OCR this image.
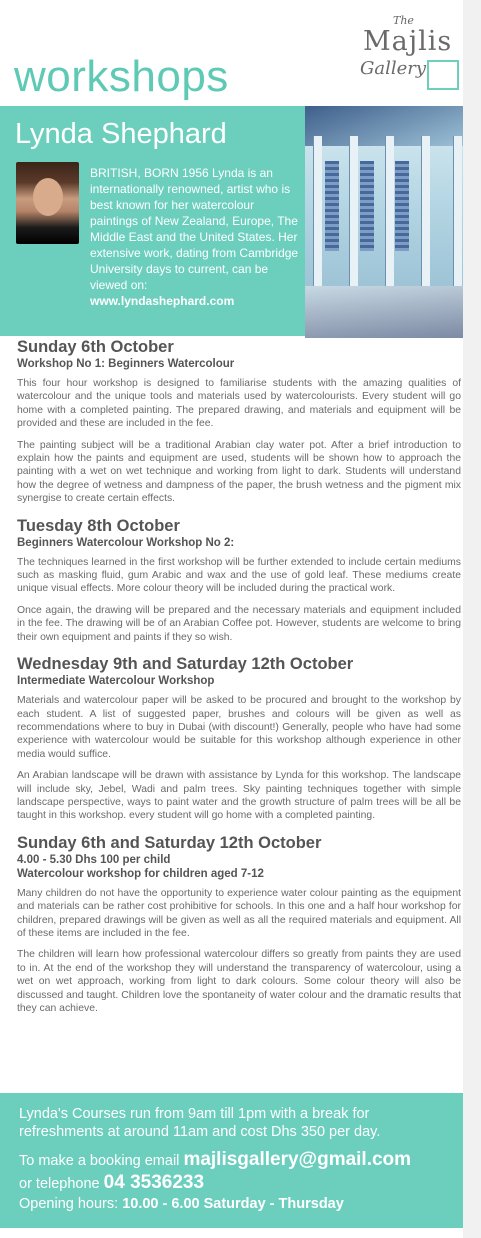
The
Majlis
Gallery
workshops
Lynda Shephard

BRITISH, BORN 1956 Lynda is an internationally renowned, artist who is best known for her watercolour paintings of New Zealand, Europe, The Middle East and the United States. Her extensive work, dating from Cambridge University days to current, can be viewed on:
www.lyndashephard.com

Sunday 6th October

Workshop No 1: Beginners Watercolour

This four hour workshop is designed to familiarise students with the amazing qualities of watercolour and the unique tools and materials used by watercolourists. Every student will go home with a completed painting. The prepared drawing, and materials and equipment will be provided and these are included in the fee.

The painting subject will be a traditional Arabian clay water pot. After a brief introduction to explain how the paints and equipment are used, students will be shown how to approach the painting with a wet on wet technique and working from light to dark. Students will understand how the degree of wetness and dampness of the paper, the brush wetness and the pigment mix synergise to create certain effects.

Tuesday 8th October

Beginners Watercolour Workshop No 2:

The techniques learned in the first workshop will be further extended to include certain mediums such as masking fluid, gum Arabic and wax and the use of gold leaf. These mediums create unique visual effects. More colour theory will be included during the practical work.

Once again, the drawing will be prepared and the necessary materials and equipment included in the fee. The drawing will be of an Arabian Coffee pot. However, students are welcome to bring their own equipment and paints if they so wish.

Wednesday 9th and Saturday 12th October

Intermediate Watercolour Workshop

Materials and watercolour paper will be asked to be procured and brought to the workshop by each student. A list of suggested paper, brushes and colours will be given as well as recommendations where to buy in Dubai (with discount!) Generally, people who have had some experience with watercolour would be suitable for this workshop although experience in other media would suffice.

An Arabian landscape will be drawn with assistance by Lynda for this workshop. The landscape will include sky, Jebel, Wadi and palm trees. Sky painting techniques together with simple landscape perspective, ways to paint water and the growth structure of palm trees will be all be taught in this workshop. every student will go home with a completed painting.

Sunday 6th and Saturday 12th October

4.00 - 5.30 Dhs 100 per child

Watercolour workshop for children aged 7-12

Many children do not have the opportunity to experience water colour painting as the equipment and materials can be rather cost prohibitive for schools. In this one and a half hour workshop for children, prepared drawings will be given as well as all the required materials and equipment. All of these items are included in the fee.

The children will learn how professional watercolour differs so greatly from paints they are used to in. At the end of the workshop they will understand the transparency of watercolour, using a wet on wet approach, working from light to dark colours. Some colour theory will also be discussed and taught. Children love the spontaneity of water colour and the dramatic results that they can achieve.

Lynda's Courses run from 9am till 1pm with a break for refreshments at around 11am and cost Dhs 350 per day.

To make a booking email majlisgallery@gmail.com
or telephone 04 3536233

Opening hours: 10.00 - 6.00 Saturday - Thursday
